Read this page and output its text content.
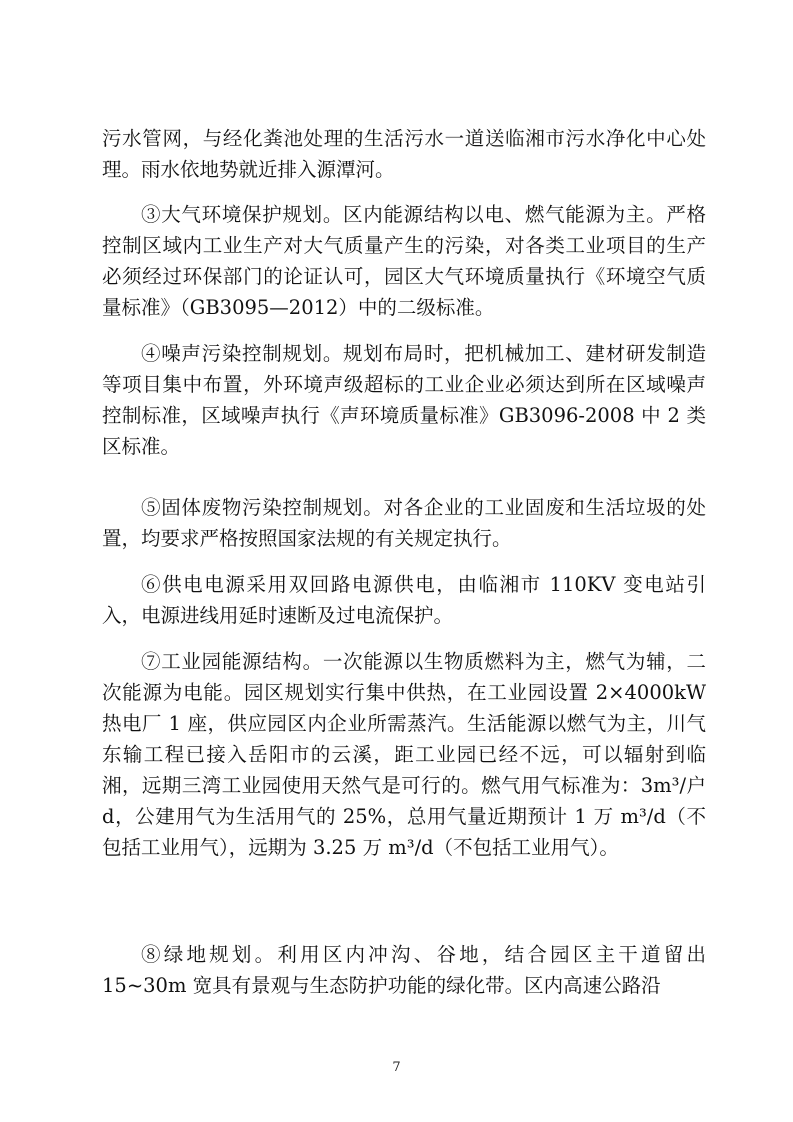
污水管网，与经化粪池处理的生活污水一道送临湘市污水净化中心处理。雨水依地势就近排入源潭河。

③大气环境保护规划。区内能源结构以电、燃气能源为主。严格控制区域内工业生产对大气质量产生的污染，对各类工业项目的生产必须经过环保部门的论证认可，园区大气环境质量执行《环境空气质量标准》（GB3095—2012）中的二级标准。

④噪声污染控制规划。规划布局时，把机械加工、建材研发制造等项目集中布置，外环境声级超标的工业企业必须达到所在区域噪声控制标准，区域噪声执行《声环境质量标准》GB3096-2008 中 2 类区标准。

⑤固体废物污染控制规划。对各企业的工业固废和生活垃圾的处置，均要求严格按照国家法规的有关规定执行。

⑥供电电源采用双回路电源供电，由临湘市 110KV 变电站引入，电源进线用延时速断及过电流保护。

⑦工业园能源结构。一次能源以生物质燃料为主，燃气为辅，二次能源为电能。园区规划实行集中供热，在工业园设置 2×4000kW 热电厂 1 座，供应园区内企业所需蒸汽。生活能源以燃气为主，川气东输工程已接入岳阳市的云溪，距工业园已经不远，可以辐射到临湘，远期三湾工业园使用天然气是可行的。燃气用气标准为：3m³/户 d，公建用气为生活用气的 25%，总用气量近期预计 1 万 m³/d（不包括工业用气），远期为 3.25 万 m³/d（不包括工业用气）。

⑧绿地规划。利用区内冲沟、谷地，结合园区主干道留出 15~30m 宽具有景观与生态防护功能的绿化带。区内高速公路沿

7
